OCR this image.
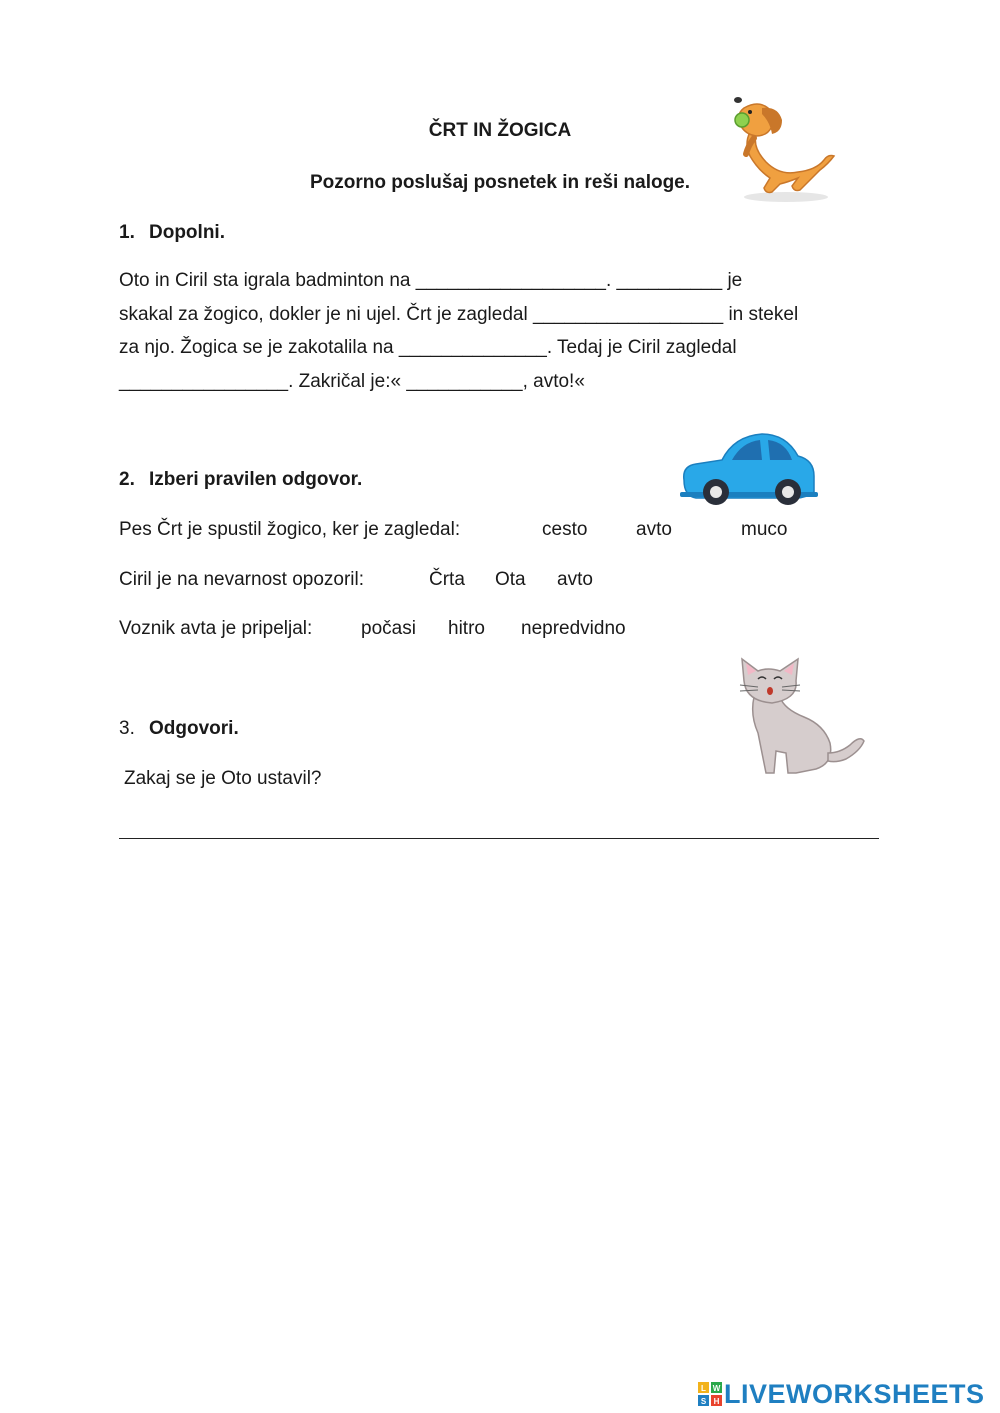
ČRT IN ŽOGICA
Pozorno poslušaj posnetek in reši naloge.
1. Dopolni.
Oto in Ciril sta igrala badminton na __________________. __________ je
skakal za žogico, dokler je ni ujel. Črt je zagledal __________________ in stekel
za njo. Žogica se je zakotalila na ______________. Tedaj je Ciril zagledal
________________. Zakričal je:« ___________, avto!«
2. Izberi pravilen odgovor.
Pes Črt je spustil žogico, ker je zagledal:	cesto	avto	muco
Ciril je na nevarnost opozoril:	Črta Ota avto
Voznik avta je pripeljal:	počasi hitro nepredvidno
3. Odgovori.
Zakaj se je Oto ustavil?
L W
S H LIVEWORKSHEETS
